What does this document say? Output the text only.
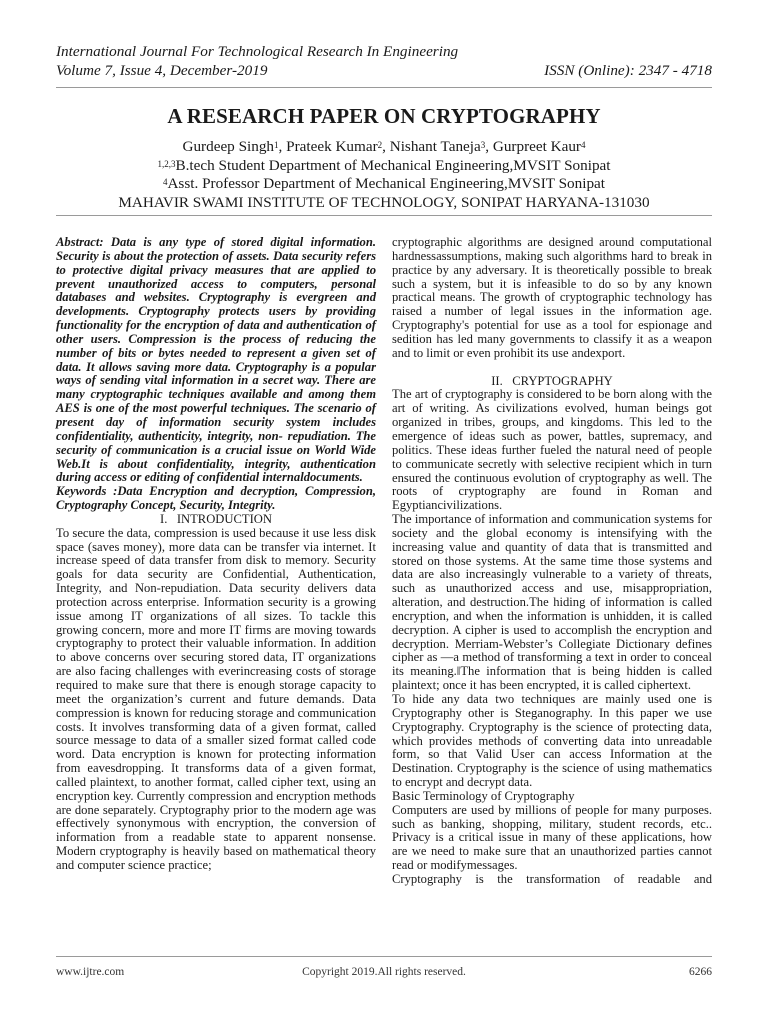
International Journal For Technological Research In Engineering
Volume 7, Issue 4, December-2019	ISSN (Online): 2347 - 4718
A RESEARCH PAPER ON CRYPTOGRAPHY
Gurdeep Singh$^1$, Prateek Kumar$^2$, Nishant Taneja$^3$, Gurpreet Kaur$^4$
$^{1,2,3}$B.tech Student Department of Mechanical Engineering,MVSIT Sonipat
$^4$Asst. Professor Department of Mechanical Engineering,MVSIT Sonipat
MAHAVIR SWAMI INSTITUTE OF TECHNOLOGY, SONIPAT HARYANA-131030

Abstract: Data is any type of stored digital information. Security is about the protection of assets. Data security refers to protective digital privacy measures that are applied to prevent unauthorized access to computers, personal databases and websites. Cryptography is evergreen and developments. Cryptography protects users by providing functionality for the encryption of data and authentication of other users. Compression is the process of reducing the number of bits or bytes needed to represent a given set of data. It allows saving more data. Cryptography is a popular ways of sending vital information in a secret way. There are many cryptographic techniques available and among them AES is one of the most powerful techniques. The scenario of present day of information security system includes confidentiality, authenticity, integrity, non- repudiation. The security of communication is a crucial issue on World Wide Web.It is about confidentiality, integrity, authentication during access or editing of confidential internaldocuments.

Keywords :Data Encryption and decryption, Compression, Cryptography Concept, Security, Integrity.

I.   INTRODUCTION

To secure the data, compression is used because it use less disk space (saves money), more data can be transfer via internet. It increase speed of data transfer from disk to memory. Security goals for data security are Confidential, Authentication, Integrity, and Non-repudiation. Data security delivers data protection across enterprise. Information security is a growing issue among IT organizations of all sizes. To tackle this growing concern, more and more IT firms are moving towards cryptography to protect their valuable information. In addition to above concerns over securing stored data, IT organizations are also facing challenges with everincreasing costs of storage required to make sure that there is enough storage capacity to meet the organization’s current and future demands. Data compression is known for reducing storage and communication costs. It involves transforming data of a given format, called source message to data of a smaller sized format called code word. Data encryption is known for protecting information from eavesdropping. It transforms data of a given format, called plaintext, to another format, called cipher text, using an encryption key. Currently compression and encryption methods are done separately. Cryptography prior to the modern age was effectively synonymous with encryption, the conversion of information from a readable state to apparent nonsense. Modern cryptography is heavily based on mathematical theory and computer science practice;

cryptographic algorithms are designed around computational hardnessassumptions, making such algorithms hard to break in practice by any adversary. It is theoretically possible to break such a system, but it is infeasible to do so by any known practical means. The growth of cryptographic technology has raised a number of legal issues in the information age. Cryptography's potential for use as a tool for espionage and sedition has led many governments to classify it as a weapon and to limit or even prohibit its use andexport.

II.   CRYPTOGRAPHY

The art of cryptography is considered to be born along with the art of writing. As civilizations evolved, human beings got organized in tribes, groups, and kingdoms. This led to the emergence of ideas such as power, battles, supremacy, and politics. These ideas further fueled the natural need of people to communicate secretly with selective recipient which in turn ensured the continuous evolution of cryptography as well. The roots of cryptography are found in Roman and Egyptiancivilizations.

The importance of information and communication systems for society and the global economy is intensifying with the increasing value and quantity of data that is transmitted and stored on those systems. At the same time those systems and data are also increasingly vulnerable to a variety of threats, such as unauthorized access and use, misappropriation, alteration, and destruction.The hiding of information is called encryption, and when the information is unhidden, it is called decryption. A cipher is used to accomplish the encryption and decryption. Merriam-Webster’s Collegiate Dictionary defines cipher as ―a method of transforming a text in order to conceal its meaning.‖The information that is being hidden is called plaintext; once it has been encrypted, it is called ciphertext.

To hide any data two techniques are mainly used one is Cryptography other is Steganography. In this paper we use Cryptography. Cryptography is the science of protecting data, which provides methods of converting data into unreadable form, so that Valid User can access Information at the Destination. Cryptography is the science of using mathematics to encrypt and decrypt data.

Basic Terminology of Cryptography

Computers are used by millions of people for many purposes. such as banking, shopping, military, student records, etc.. Privacy is a critical issue in many of these applications, how are we need to make sure that an unauthorized parties cannot read or modifymessages.

Cryptography is the transformation of readable and

www.ijtre.com	Copyright 2019.All rights reserved.	6266
